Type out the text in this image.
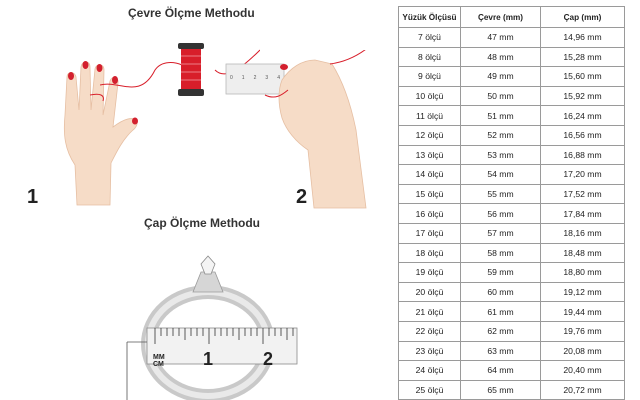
Çevre Ölçme Methodu
0 1 2 3 4
1	2
Çap Ölçme Methodu
MM
CM 1	2
Yüzük Ölçüsü	Çevre (mm)	Çap (mm)
7 ölçü	47 mm	14,96 mm
8 ölçü	48 mm	15,28 mm
9 ölçü	49 mm	15,60 mm
10 ölçü	50 mm	15,92 mm
11 ölçü	51 mm	16,24 mm
12 ölçü	52 mm	16,56 mm
13 ölçü	53 mm	16,88 mm
14 ölçü	54 mm	17,20 mm
15 ölçü	55 mm	17,52 mm
16 ölçü	56 mm	17,84 mm
17 ölçü	57 mm	18,16 mm
18 ölçü	58 mm	18,48 mm
19 ölçü	59 mm	18,80 mm
20 ölçü	60 mm	19,12 mm
21 ölçü	61 mm	19,44 mm
22 ölçü	62 mm	19,76 mm
23 ölçü	63 mm	20,08 mm
24 ölçü	64 mm	20,40 mm
25 ölçü	65 mm	20,72 mm
